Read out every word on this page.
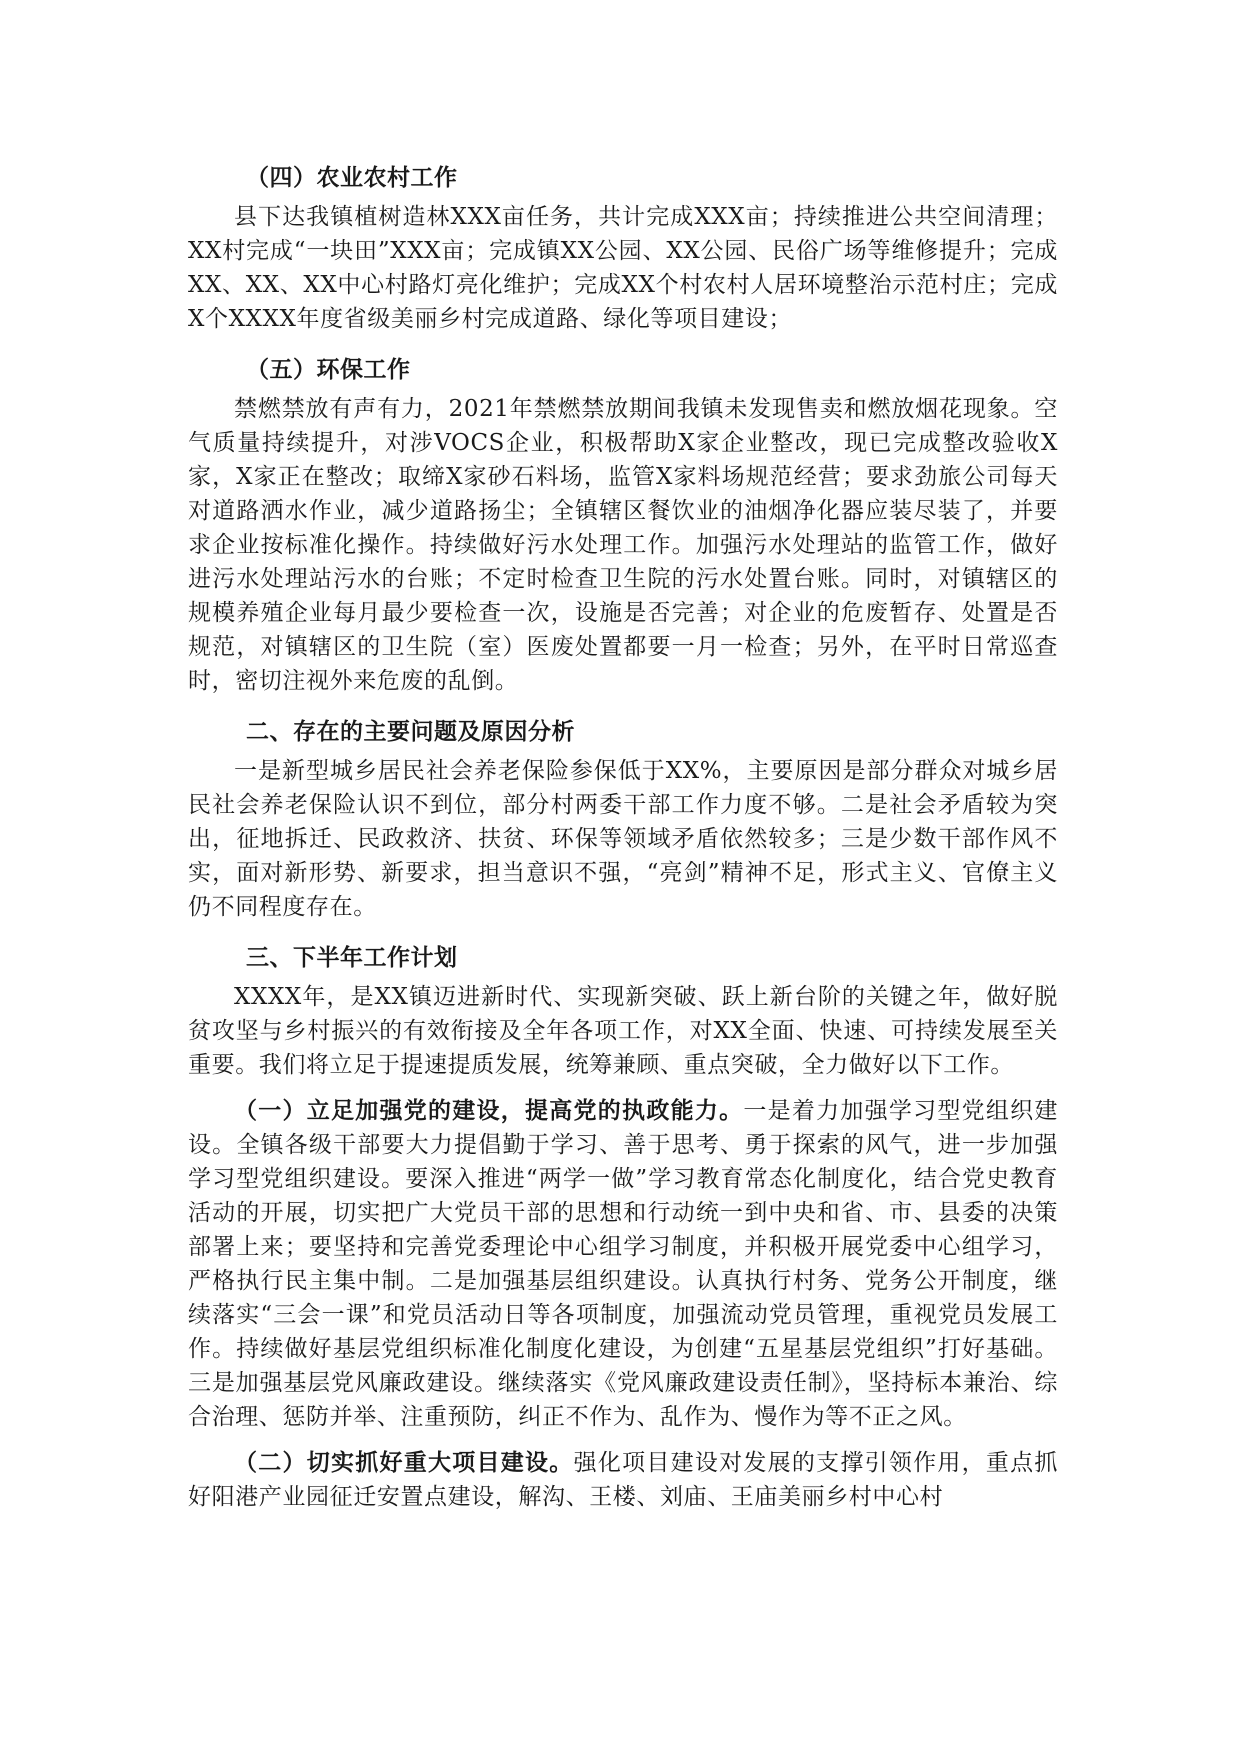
（四）农业农村工作

县下达我镇植树造林XXX亩任务，共计完成XXX亩；持续推进公共空间清理；XX村完成“一块田”XXX亩；完成镇XX公园、XX公园、民俗广场等维修提升；完成XX、XX、XX中心村路灯亮化维护；完成XX个村农村人居环境整治示范村庄；完成X个XXXX年度省级美丽乡村完成道路、绿化等项目建设；

（五）环保工作

禁燃禁放有声有力，2021年禁燃禁放期间我镇未发现售卖和燃放烟花现象。空气质量持续提升，对涉VOCS企业，积极帮助X家企业整改，现已完成整改验收X家，X家正在整改；取缔X家砂石料场，监管X家料场规范经营；要求劲旅公司每天对道路洒水作业，减少道路扬尘；全镇辖区餐饮业的油烟净化器应装尽装了，并要求企业按标准化操作。持续做好污水处理工作。加强污水处理站的监管工作，做好进污水处理站污水的台账；不定时检查卫生院的污水处置台账。同时，对镇辖区的规模养殖企业每月最少要检查一次，设施是否完善；对企业的危废暂存、处置是否规范，对镇辖区的卫生院（室）医废处置都要一月一检查；另外，在平时日常巡查时，密切注视外来危废的乱倒。

二、存在的主要问题及原因分析

一是新型城乡居民社会养老保险参保低于XX%，主要原因是部分群众对城乡居民社会养老保险认识不到位，部分村两委干部工作力度不够。二是社会矛盾较为突出，征地拆迁、民政救济、扶贫、环保等领域矛盾依然较多；三是少数干部作风不实，面对新形势、新要求，担当意识不强，“亮剑”精神不足，形式主义、官僚主义仍不同程度存在。

三、下半年工作计划

XXXX年，是XX镇迈进新时代、实现新突破、跃上新台阶的关键之年，做好脱贫攻坚与乡村振兴的有效衔接及全年各项工作，对XX全面、快速、可持续发展至关重要。我们将立足于提速提质发展，统筹兼顾、重点突破，全力做好以下工作。

（一）立足加强党的建设，提高党的执政能力。一是着力加强学习型党组织建设。全镇各级干部要大力提倡勤于学习、善于思考、勇于探索的风气，进一步加强学习型党组织建设。要深入推进“两学一做”学习教育常态化制度化，结合党史教育活动的开展，切实把广大党员干部的思想和行动统一到中央和省、市、县委的决策部署上来；要坚持和完善党委理论中心组学习制度，并积极开展党委中心组学习，严格执行民主集中制。二是加强基层组织建设。认真执行村务、党务公开制度，继续落实“三会一课”和党员活动日等各项制度，加强流动党员管理，重视党员发展工作。持续做好基层党组织标准化制度化建设，为创建“五星基层党组织”打好基础。三是加强基层党风廉政建设。继续落实《党风廉政建设责任制》，坚持标本兼治、综合治理、惩防并举、注重预防，纠正不作为、乱作为、慢作为等不正之风。

（二）切实抓好重大项目建设。强化项目建设对发展的支撑引领作用，重点抓好阳港产业园征迁安置点建设，解沟、王楼、刘庙、王庙美丽乡村中心村
